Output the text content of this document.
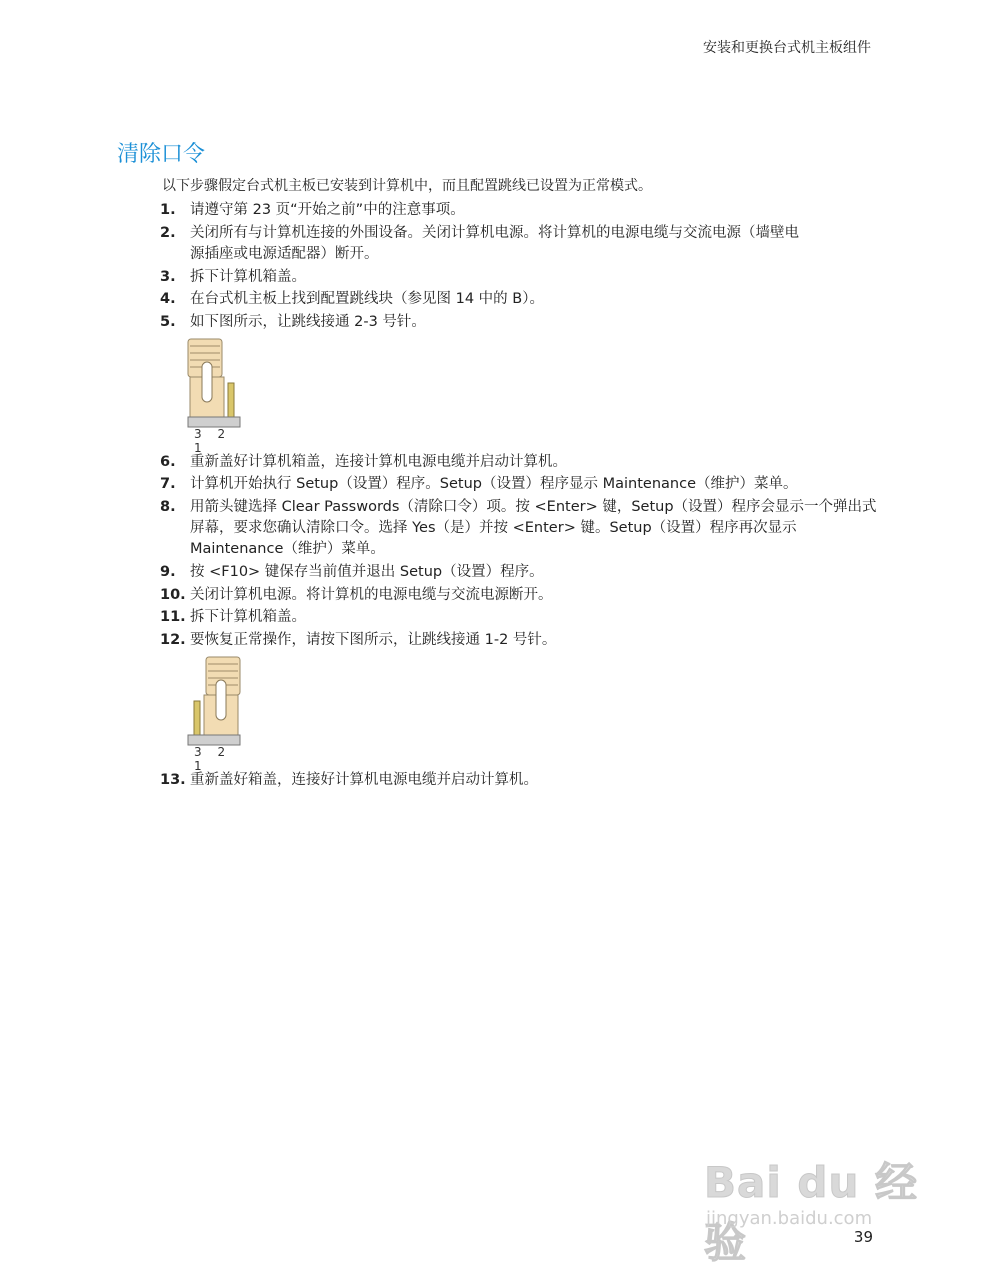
安装和更换台式机主板组件
清除口令
以下步骤假定台式机主板已安装到计算机中，而且配置跳线已设置为正常模式。
1. 请遵守第 23 页“开始之前”中的注意事项。
2. 关闭所有与计算机连接的外围设备。关闭计算机电源。将计算机的电源电缆与交流电源（墙壁电源插座或电源适配器）断开。
3. 拆下计算机箱盖。
4. 在台式机主板上找到配置跳线块（参见图 14 中的 B）。
5. 如下图所示，让跳线接通 2-3 号针。
3 2 1
6. 重新盖好计算机箱盖，连接计算机电源电缆并启动计算机。
7. 计算机开始执行 Setup（设置）程序。Setup（设置）程序显示 Maintenance（维护）菜单。
8. 用箭头键选择 Clear Passwords（清除口令）项。按 <Enter> 键，Setup（设置）程序会显示一个弹出式屏幕，要求您确认清除口令。选择 Yes（是）并按 <Enter> 键。Setup（设置）程序再次显示 Maintenance（维护）菜单。
9. 按 <F10> 键保存当前值并退出 Setup（设置）程序。
10. 关闭计算机电源。将计算机的电源电缆与交流电源断开。
11. 拆下计算机箱盖。
12. 要恢复正常操作，请按下图所示，让跳线接通 1-2 号针。
3 2 1
13. 重新盖好箱盖，连接好计算机电源电缆并启动计算机。
Bai du 经验
jingyan.baidu.com
39
